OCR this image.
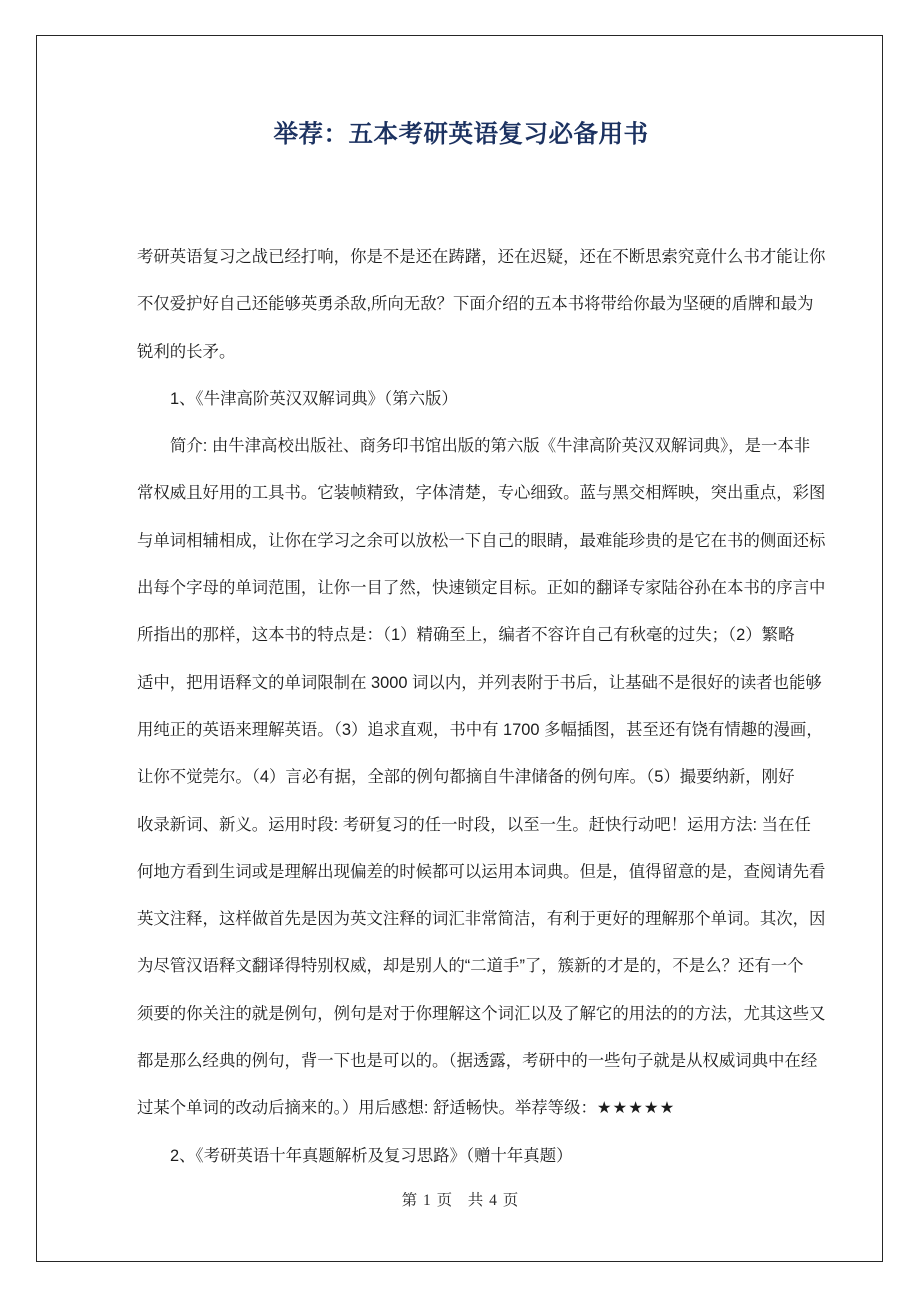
举荐：五本考研英语复习必备用书
考研英语复习之战已经打响，你是不是还在踌躇，还在迟疑，还在不断思索究竟什么书才能让你
不仅爱护好自己还能够英勇杀敌,所向无敌？下面介绍的五本书将带给你最为坚硬的盾牌和最为
锐利的长矛。
1、《牛津高阶英汉双解词典》（第六版）
简介: 由牛津高校出版社、商务印书馆出版的第六版《牛津高阶英汉双解词典》，是一本非
常权威且好用的工具书。它装帧精致，字体清楚，专心细致。蓝与黑交相辉映，突出重点，彩图
与单词相辅相成，让你在学习之余可以放松一下自己的眼睛，最难能珍贵的是它在书的侧面还标
出每个字母的单词范围，让你一目了然，快速锁定目标。正如的翻译专家陆谷孙在本书的序言中
所指出的那样，这本书的特点是：（1）精确至上，编者不容许自己有秋毫的过失；（2）繁略
适中，把用语释文的单词限制在 3000 词以内，并列表附于书后，让基础不是很好的读者也能够
用纯正的英语来理解英语。（3）追求直观，书中有 1700 多幅插图，甚至还有饶有情趣的漫画，
让你不觉莞尔。（4）言必有据，全部的例句都摘自牛津储备的例句库。（5）撮要纳新，刚好
收录新词、新义。运用时段: 考研复习的任一时段，以至一生。赶快行动吧！运用方法: 当在任
何地方看到生词或是理解出现偏差的时候都可以运用本词典。但是，值得留意的是，查阅请先看
英文注释，这样做首先是因为英文注释的词汇非常简洁，有利于更好的理解那个单词。其次，因
为尽管汉语释文翻译得特别权威，却是别人的“二道手”了，簇新的才是的，不是么？还有一个
须要的你关注的就是例句，例句是对于你理解这个词汇以及了解它的用法的的方法，尤其这些又
都是那么经典的例句，背一下也是可以的。（据透露，考研中的一些句子就是从权威词典中在经
过某个单词的改动后摘来的。）用后感想: 舒适畅快。举荐等级：★★★★★
2、《考研英语十年真题解析及复习思路》（赠十年真题）
第 1 页   共 4 页
